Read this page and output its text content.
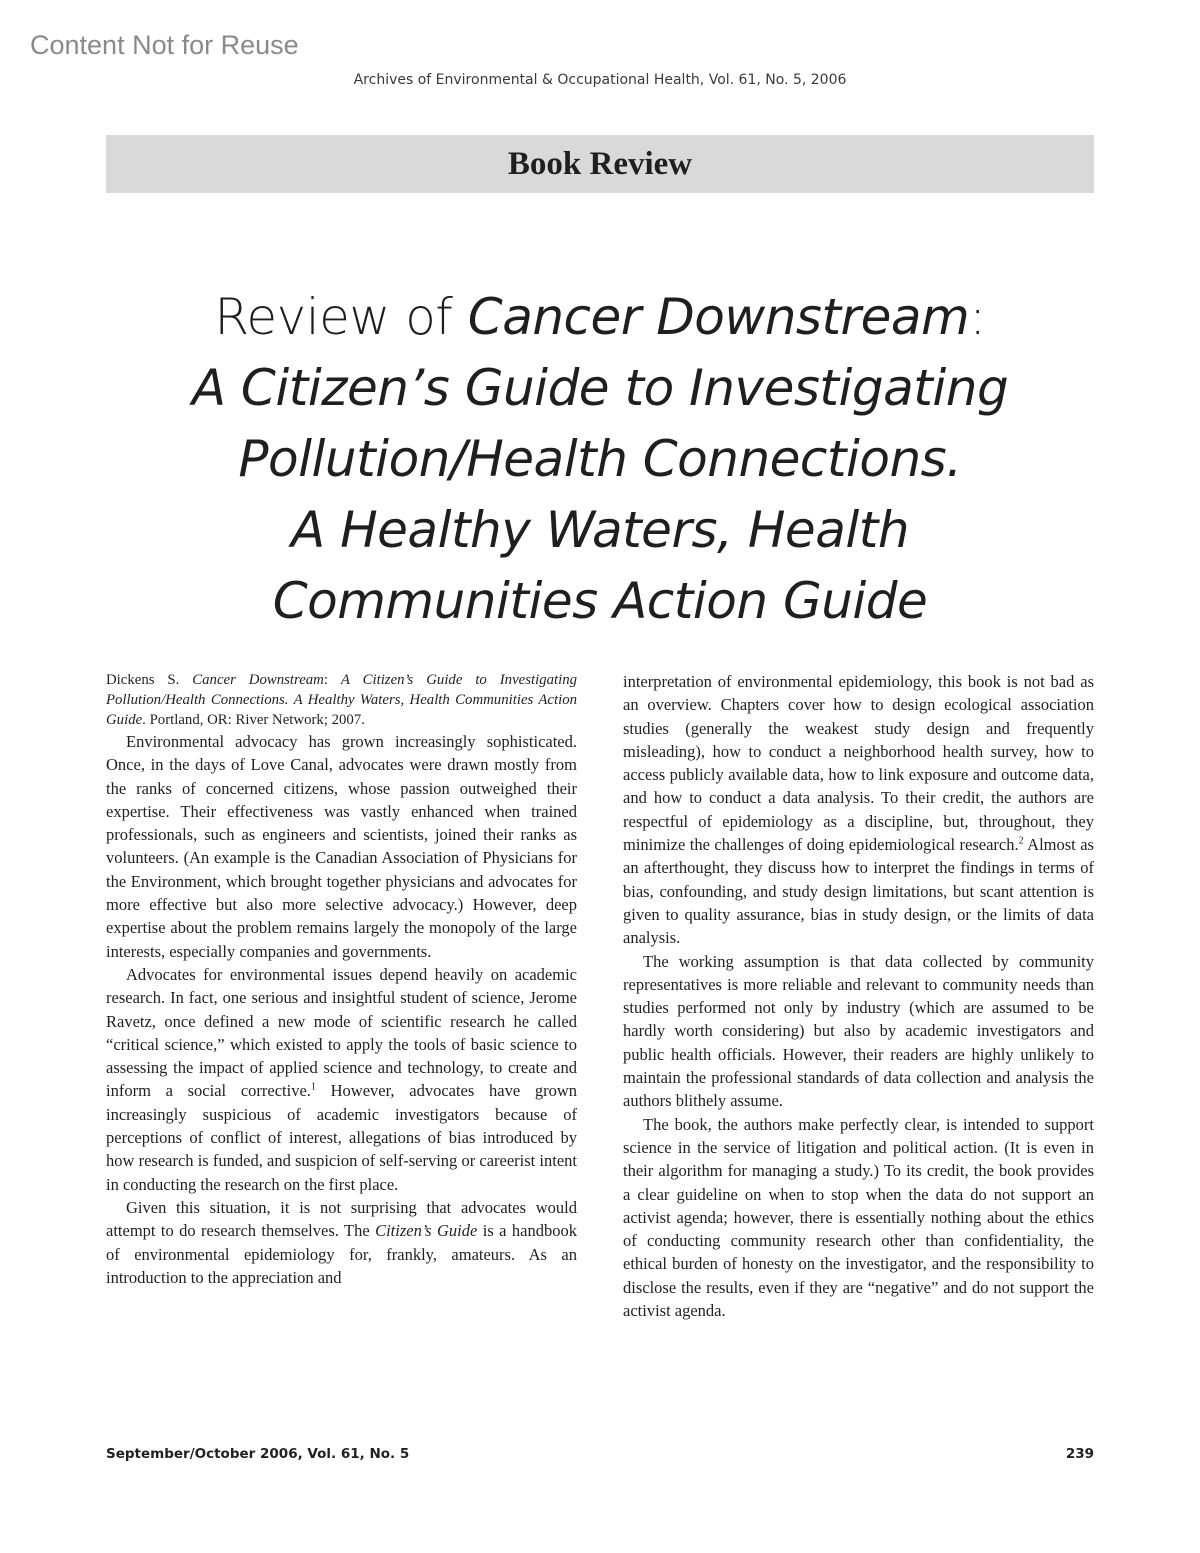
Content Not for Reuse
Archives of Environmental & Occupational Health, Vol. 61, No. 5, 2006
Book Review
Review of Cancer Downstream:
A Citizen’s Guide to Investigating
Pollution/Health Connections.
A Healthy Waters, Health
Communities Action Guide

Dickens S. Cancer Downstream: A Citizen’s Guide to Investigating Pollution/Health Connections. A Healthy Waters, Health Communities Action Guide. Portland, OR: River Network; 2007.

Environmental advocacy has grown increasingly sophisticated. Once, in the days of Love Canal, advocates were drawn mostly from the ranks of concerned citizens, whose passion outweighed their expertise. Their effectiveness was vastly enhanced when trained professionals, such as engineers and scientists, joined their ranks as volunteers. (An example is the Canadian Association of Physicians for the Environment, which brought together physicians and advocates for more effective but also more selective advocacy.) However, deep expertise about the problem remains largely the monopoly of the large interests, especially companies and governments.

Advocates for environmental issues depend heavily on academic research. In fact, one serious and insightful student of science, Jerome Ravetz, once defined a new mode of scientific research he called “critical science,” which existed to apply the tools of basic science to assessing the impact of applied science and technology, to create and inform a social corrective.$^1$ However, advocates have grown increasingly suspicious of academic investigators because of perceptions of conflict of interest, allegations of bias introduced by how research is funded, and suspicion of self-serving or careerist intent in conducting the research on the first place.

Given this situation, it is not surprising that advocates would attempt to do research themselves. The Citizen’s Guide is a handbook of environmental epidemiology for, frankly, amateurs. As an introduction to the appreciation and

interpretation of environmental epidemiology, this book is not bad as an overview. Chapters cover how to design ecological association studies (generally the weakest study design and frequently misleading), how to conduct a neighborhood health survey, how to access publicly available data, how to link exposure and outcome data, and how to conduct a data analysis. To their credit, the authors are respectful of epidemiology as a discipline, but, throughout, they minimize the challenges of doing epidemiological research.$^2$ Almost as an afterthought, they discuss how to interpret the findings in terms of bias, confounding, and study design limitations, but scant attention is given to quality assurance, bias in study design, or the limits of data analysis.

The working assumption is that data collected by community representatives is more reliable and relevant to community needs than studies performed not only by industry (which are assumed to be hardly worth considering) but also by academic investigators and public health officials. However, their readers are highly unlikely to maintain the professional standards of data collection and analysis the authors blithely assume.

The book, the authors make perfectly clear, is intended to support science in the service of litigation and political action. (It is even in their algorithm for managing a study.) To its credit, the book provides a clear guideline on when to stop when the data do not support an activist agenda; however, there is essentially nothing about the ethics of conducting community research other than confidentiality, the ethical burden of honesty on the investigator, and the responsibility to disclose the results, even if they are “negative” and do not support the activist agenda.

September/October 2006, Vol. 61, No. 5	239
